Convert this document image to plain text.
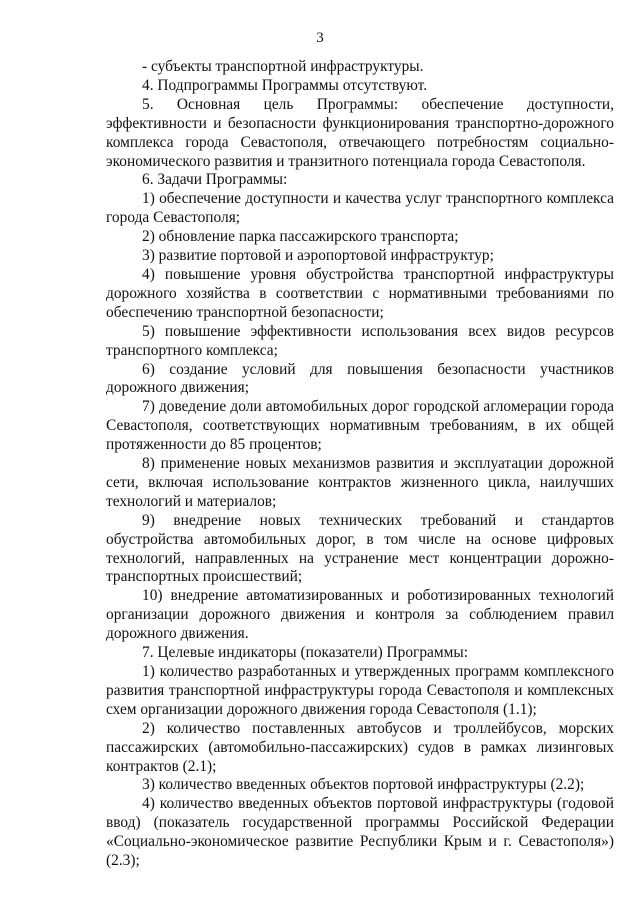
3

- субъекты транспортной инфраструктуры.

4. Подпрограммы Программы отсутствуют.

5. Основная цель Программы: обеспечение доступности, эффективности и безопасности функционирования транспортно-дорожного комплекса города Севастополя, отвечающего потребностям социально-экономического развития и транзитного потенциала города Севастополя.

6. Задачи Программы:

1) обеспечение доступности и качества услуг транспортного комплекса города Севастополя;

2) обновление парка пассажирского транспорта;

3) развитие портовой и аэропортовой инфраструктур;

4) повышение уровня обустройства транспортной инфраструктуры дорожного хозяйства в соответствии с нормативными требованиями по обеспечению транспортной безопасности;

5) повышение эффективности использования всех видов ресурсов транспортного комплекса;

6) создание условий для повышения безопасности участников дорожного движения;

7) доведение доли автомобильных дорог городской агломерации города Севастополя, соответствующих нормативным требованиям, в их общей протяженности до 85 процентов;

8) применение новых механизмов развития и эксплуатации дорожной сети, включая использование контрактов жизненного цикла, наилучших технологий и материалов;

9) внедрение новых технических требований и стандартов обустройства автомобильных дорог, в том числе на основе цифровых технологий, направленных на устранение мест концентрации дорожно-транспортных происшествий;

10) внедрение автоматизированных и роботизированных технологий организации дорожного движения и контроля за соблюдением правил дорожного движения.

7. Целевые индикаторы (показатели) Программы:

1) количество разработанных и утвержденных программ комплексного развития транспортной инфраструктуры города Севастополя и комплексных схем организации дорожного движения города Севастополя (1.1);

2) количество поставленных автобусов и троллейбусов, морских пассажирских (автомобильно-пассажирских) судов в рамках лизинговых контрактов (2.1);

3) количество введенных объектов портовой инфраструктуры (2.2);

4) количество введенных объектов портовой инфраструктуры (годовой ввод) (показатель государственной программы Российской Федерации «Социально-экономическое развитие Республики Крым и г. Севастополя») (2.3);
